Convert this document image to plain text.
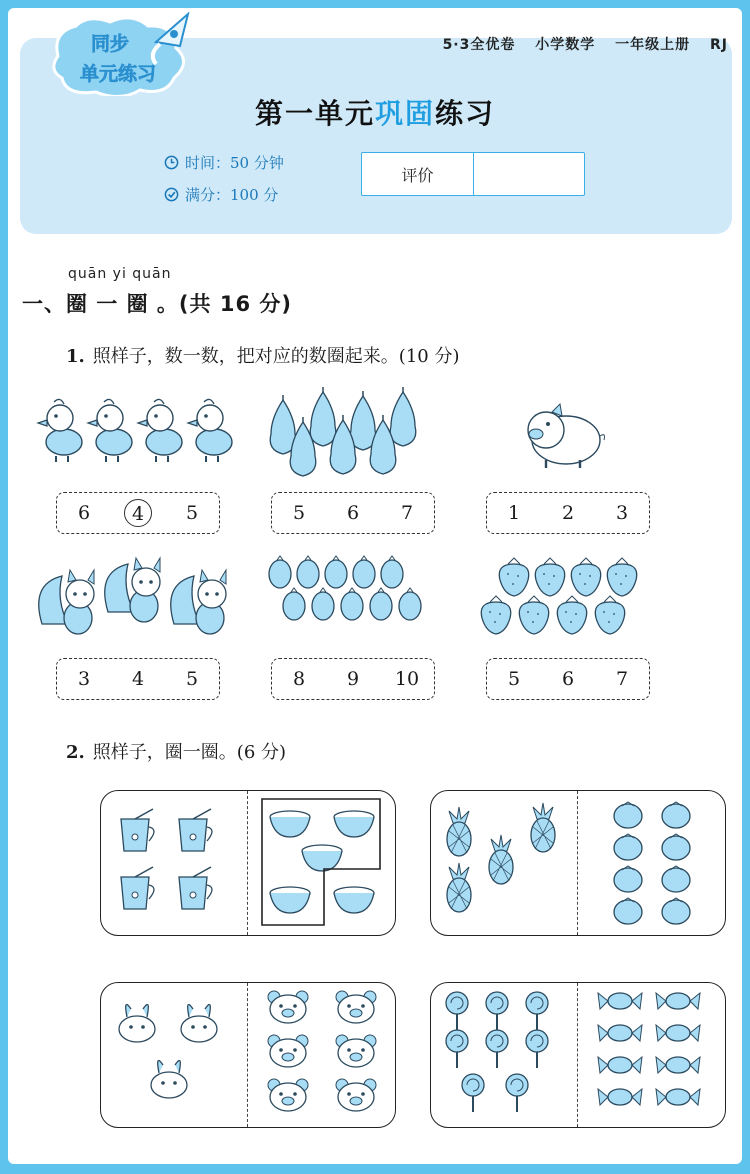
同步
单元练习
5·3全优卷 小学数学 一年级上册 RJ
第一单元巩固练习
时间：50 分钟
满分：100 分
评价
quān yi quān
一、圈 一 圈 。(共 16 分)
1. 照样子，数一数，把对应的数圈起来。(10 分)
6	4	5	5	6	7	1	2	3
3	4	5	8	9	10	5	6	7
2. 照样子，圈一圈。(6 分)
